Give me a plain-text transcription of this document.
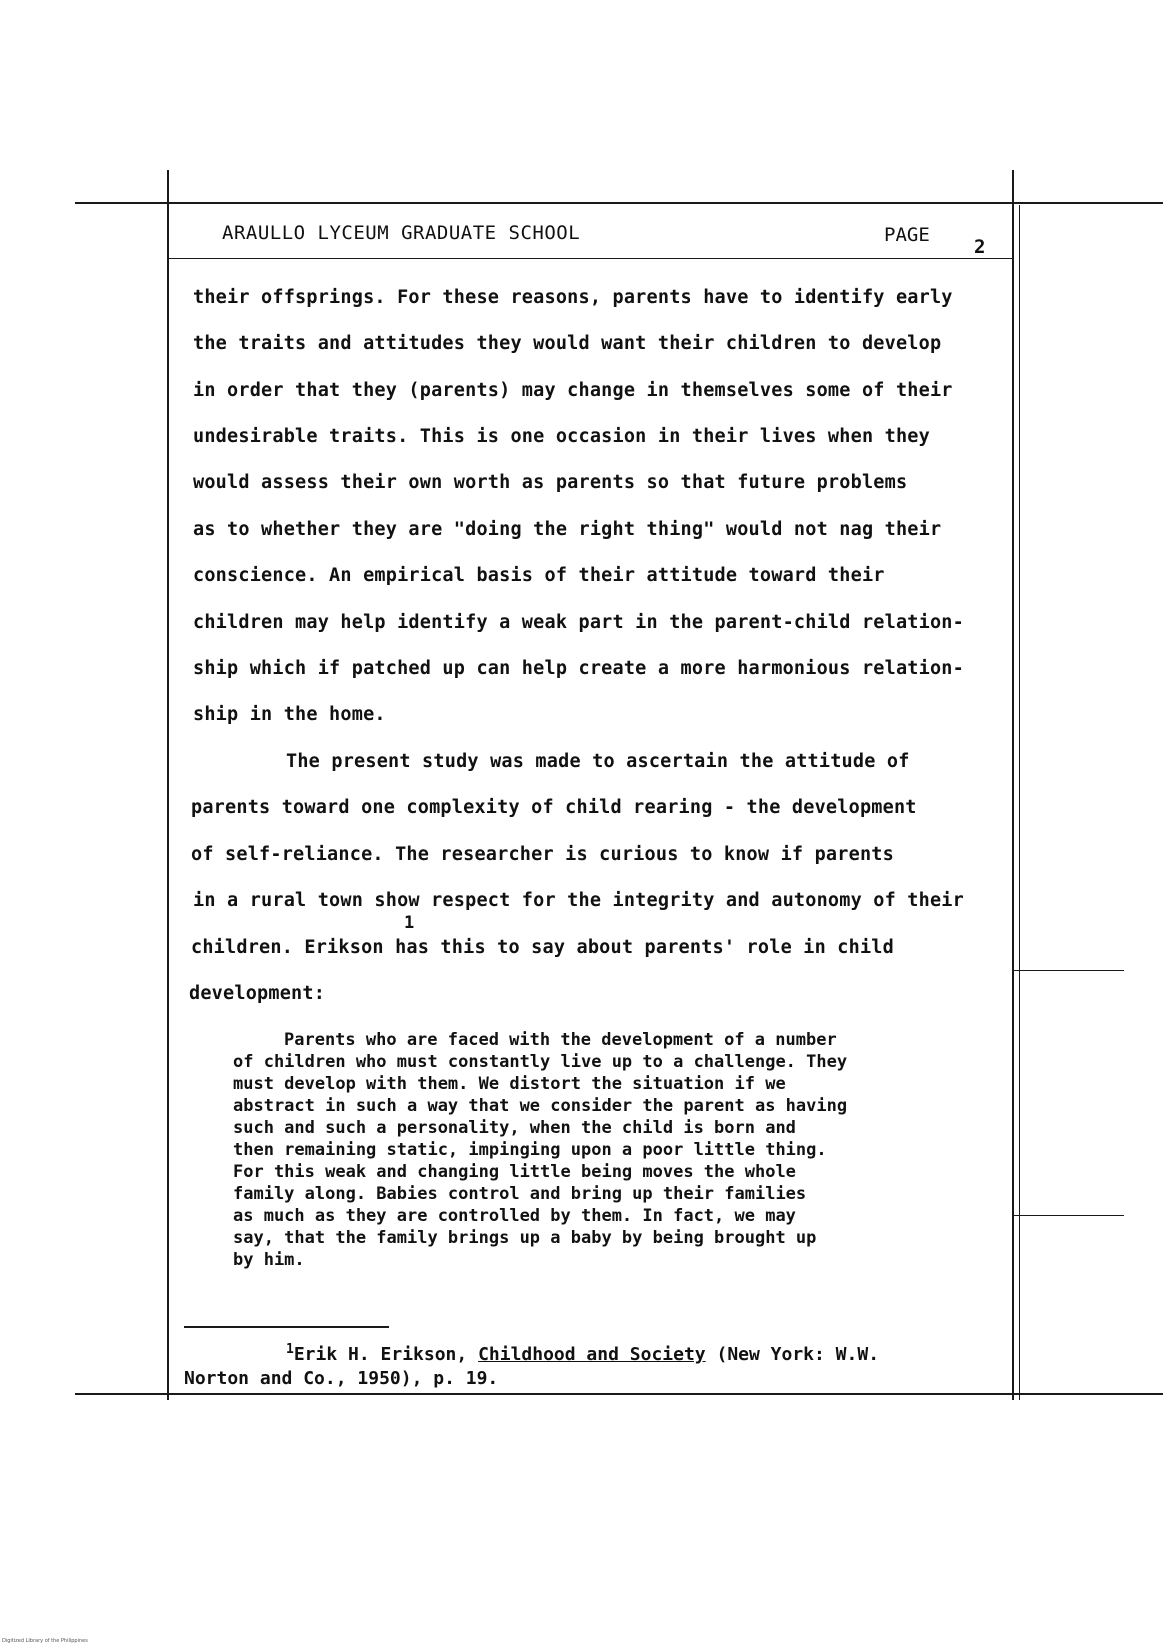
ARAULLO LYCEUM GRADUATE SCHOOL	PAGE
2
their offsprings. For these reasons, parents have to identify early
the traits and attitudes they would want their children to develop
in order that they (parents) may change in themselves some of their
undesirable traits. This is one occasion in their lives when they
would assess their own worth as parents so that future problems
as to whether they are "doing the right thing" would not nag their
conscience. An empirical basis of their attitude toward their
children may help identify a weak part in the parent-child relation-
ship which if patched up can help create a more harmonious relation-
ship in the home.
The present study was made to ascertain the attitude of
parents toward one complexity of child rearing - the development
of self-reliance. The researcher is curious to know if parents
in a rural town show respect for the integrity and autonomy of their
1
children. Erikson has this to say about parents' role in child
development:
Parents who are faced with the development of a number
of children who must constantly live up to a challenge. They
must develop with them. We distort the situation if we
abstract in such a way that we consider the parent as having
such and such a personality, when the child is born and
then remaining static, impinging upon a poor little thing.
For this weak and changing little being moves the whole
family along. Babies control and bring up their families
as much as they are controlled by them. In fact, we may
say, that the family brings up a baby by being brought up
by him.
$^1$Erik H. Erikson, Childhood and Society (New York: W.W.
Norton and Co., 1950), p. 19.
Digitized Library of the Philippines
